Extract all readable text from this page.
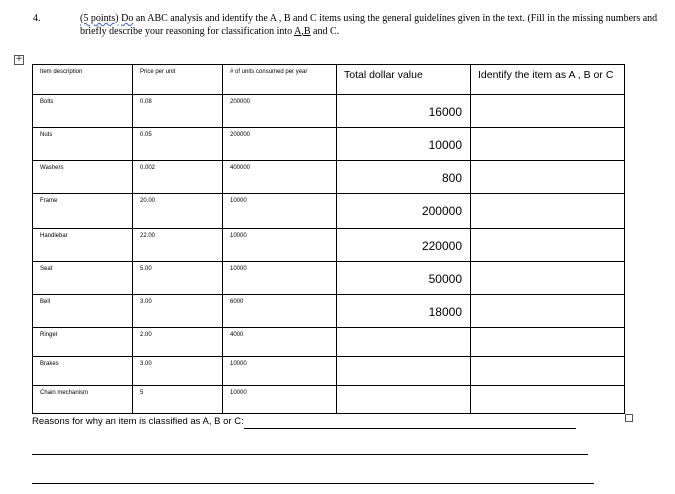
4.	(5 points) Do an ABC analysis and identify the A , B and C items using the general guidelines given in the text. (Fill in the missing numbers and briefly describe your reasoning for classification into A,B and C.
+
Item description	Price per unit	# of units consumed per year	Total dollar value	Identify the item as A , B or C
Bolts	0.08	200000	16000	
Nuts	0.05	200000	10000	
Washers	0.002	400000	800	
Frame	20.00	10000	200000	
Handlebar	22.00	10000	220000	
Seat	5.00	10000	50000	
Bell	3.00	6000	18000	
Ringer	2.00	4000		
Brakes	3.00	10000		
Chain mechanism	5	10000		
Reasons for why an item is classified as A, B or C:
